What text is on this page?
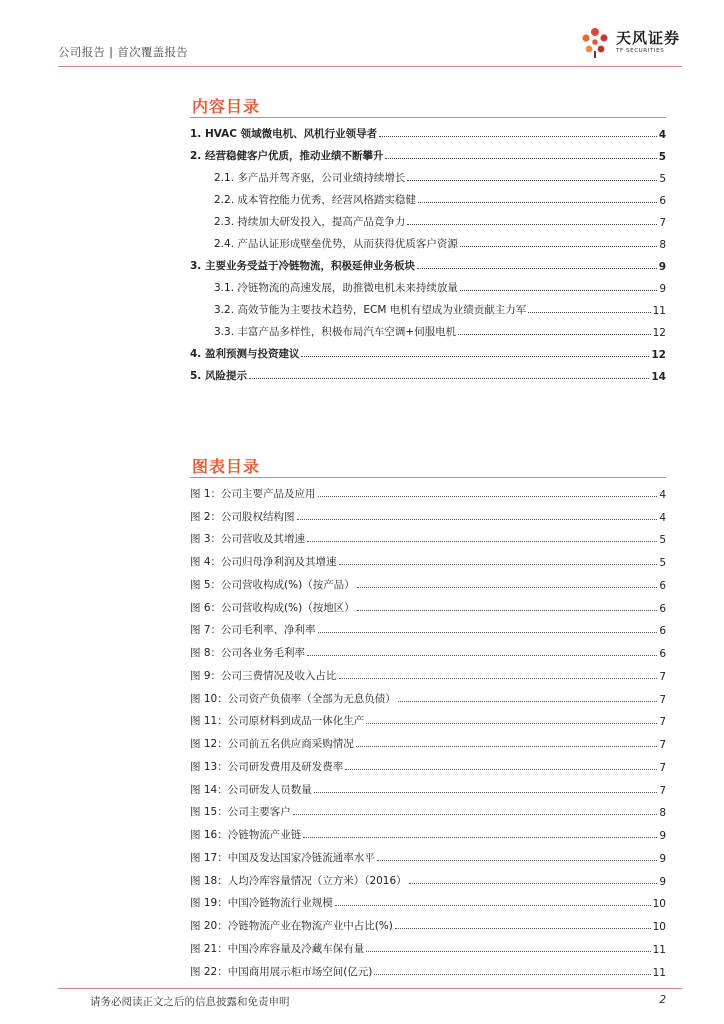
公司报告 | 首次覆盖报告
天风证券
TF SECURITIES
内容目录
1. HVAC 领域微电机、风机行业领导者	4
2. 经营稳健客户优质，推动业绩不断攀升	5
2.1. 多产品并驾齐驱，公司业绩持续增长	5
2.2. 成本管控能力优秀，经营风格踏实稳健	6
2.3. 持续加大研发投入，提高产品竞争力	7
2.4. 产品认证形成壁垒优势，从而获得优质客户资源	8
3. 主要业务受益于冷链物流，积极延伸业务板块	9
3.1. 冷链物流的高速发展，助推微电机未来持续放量	9
3.2. 高效节能为主要技术趋势，ECM 电机有望成为业绩贡献主力军	11
3.3. 丰富产品多样性，积极布局汽车空调+伺服电机	12
4. 盈利预测与投资建议	12
5. 风险提示	14
图表目录
图 1：公司主要产品及应用	4
图 2：公司股权结构图	4
图 3：公司营收及其增速	5
图 4：公司归母净利润及其增速	5
图 5：公司营收构成(%)（按产品）	6
图 6：公司营收构成(%)（按地区）	6
图 7：公司毛利率、净利率	6
图 8：公司各业务毛利率	6
图 9：公司三费情况及收入占比	7
图 10：公司资产负债率（全部为无息负债）	7
图 11：公司原材料到成品一体化生产	7
图 12：公司前五名供应商采购情况	7
图 13：公司研发费用及研发费率	7
图 14：公司研发人员数量	7
图 15：公司主要客户	8
图 16：冷链物流产业链	9
图 17：中国及发达国家冷链流通率水平	9
图 18：人均冷库容量情况（立方米）（2016）	9
图 19：中国冷链物流行业规模	10
图 20：冷链物流产业在物流产业中占比(%)	10
图 21：中国冷库容量及冷藏车保有量	11
图 22：中国商用展示柜市场空间(亿元)	11
请务必阅读正文之后的信息披露和免责申明	2
